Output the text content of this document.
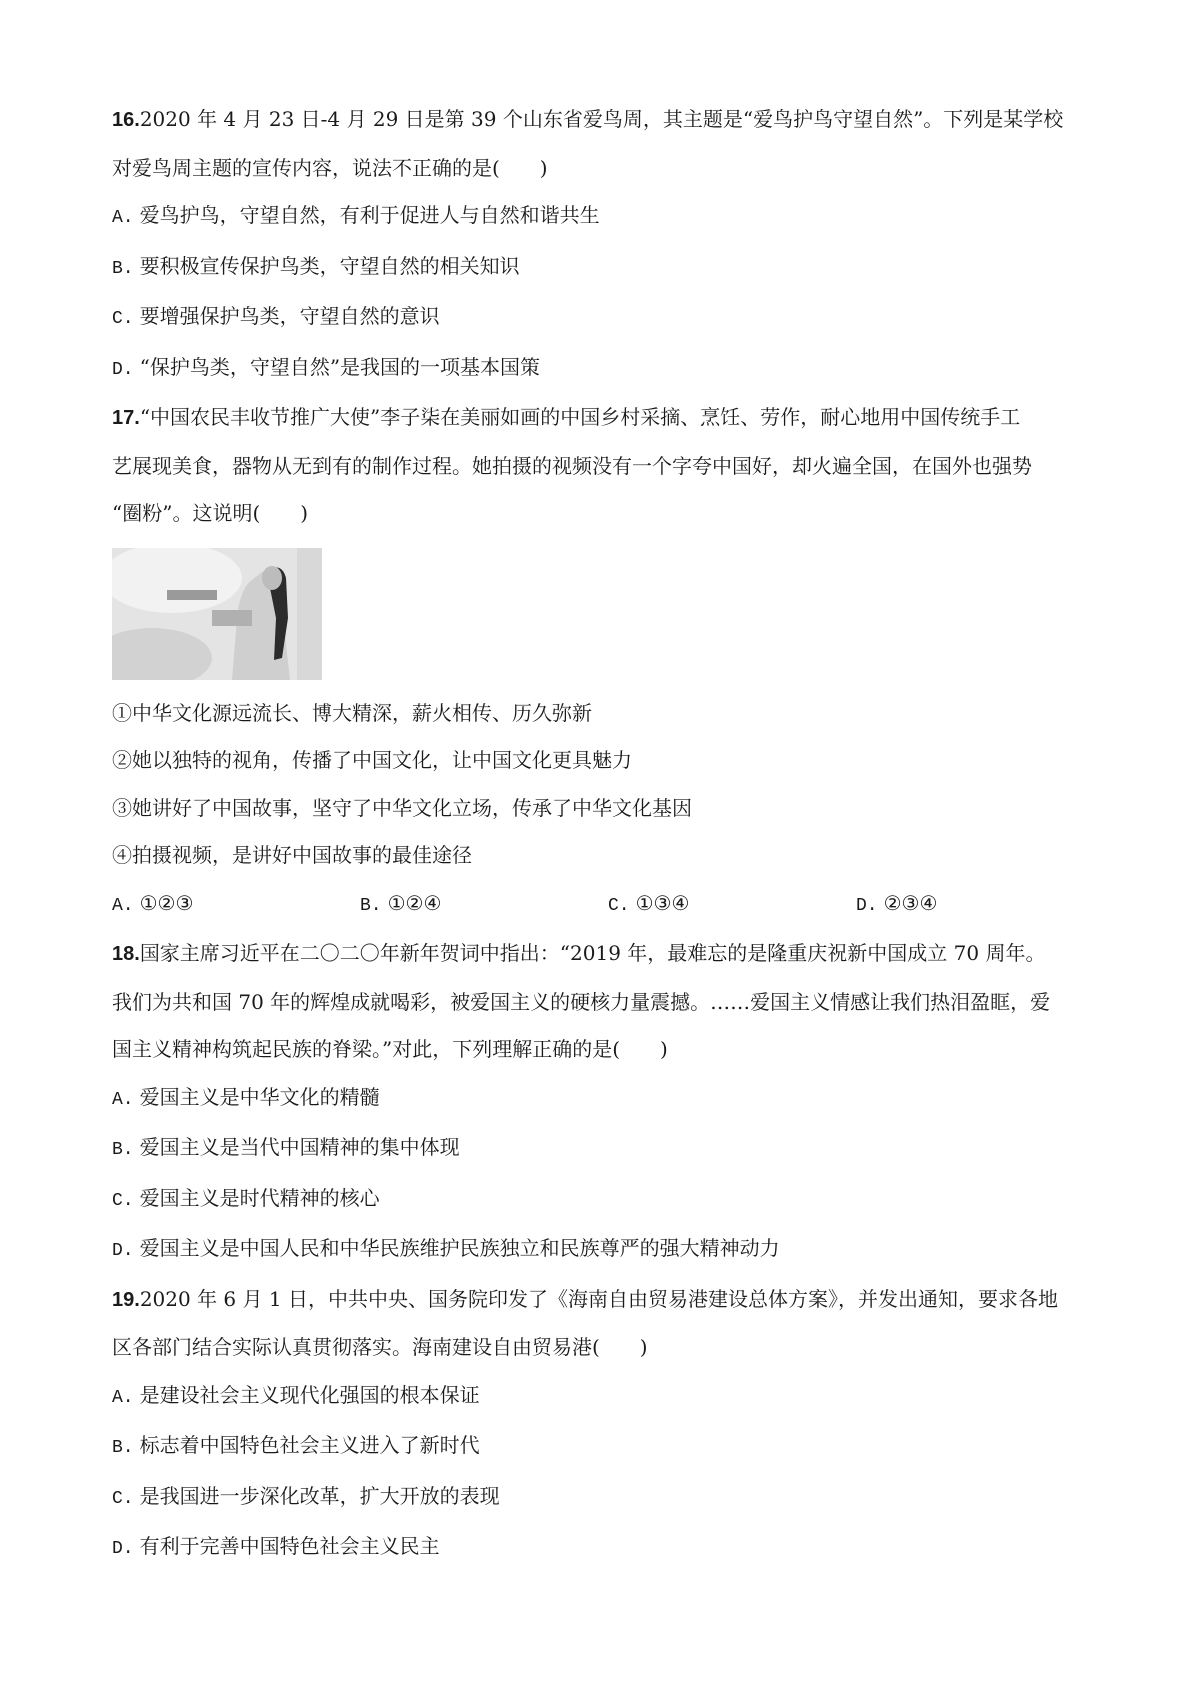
16.2020 年 4 月 23 日-4 月 29 日是第 39 个山东省爱鸟周，其主题是“爱鸟护鸟守望自然”。下列是某学校
对爱鸟周主题的宣传内容，说法不正确的是(　　)
A. 爱鸟护鸟，守望自然，有利于促进人与自然和谐共生
B. 要积极宣传保护鸟类，守望自然的相关知识
C. 要增强保护鸟类，守望自然的意识
D. “保护鸟类，守望自然”是我国的一项基本国策
17.“中国农民丰收节推广大使”李子柒在美丽如画的中国乡村采摘、烹饪、劳作，耐心地用中国传统手工
艺展现美食，器物从无到有的制作过程。她拍摄的视频没有一个字夸中国好，却火遍全国，在国外也强势
“圈粉”。这说明(　　)
①中华文化源远流长、博大精深，薪火相传、历久弥新
②她以独特的视角，传播了中国文化，让中国文化更具魅力
③她讲好了中国故事，坚守了中华文化立场，传承了中华文化基因
④拍摄视频，是讲好中国故事的最佳途径
A. ①②③	B. ①②④	C. ①③④	D. ②③④
18.国家主席习近平在二〇二〇年新年贺词中指出：“2019 年，最难忘的是隆重庆祝新中国成立 70 周年。
我们为共和国 70 年的辉煌成就喝彩，被爱国主义的硬核力量震撼。……爱国主义情感让我们热泪盈眶，爱
国主义精神构筑起民族的脊梁。”对此，下列理解正确的是(　　)
A. 爱国主义是中华文化的精髓
B. 爱国主义是当代中国精神的集中体现
C. 爱国主义是时代精神的核心
D. 爱国主义是中国人民和中华民族维护民族独立和民族尊严的强大精神动力
19.2020 年 6 月 1 日，中共中央、国务院印发了《海南自由贸易港建设总体方案》，并发出通知，要求各地
区各部门结合实际认真贯彻落实。海南建设自由贸易港(　　)
A. 是建设社会主义现代化强国的根本保证
B. 标志着中国特色社会主义进入了新时代
C. 是我国进一步深化改革，扩大开放的表现
D. 有利于完善中国特色社会主义民主
